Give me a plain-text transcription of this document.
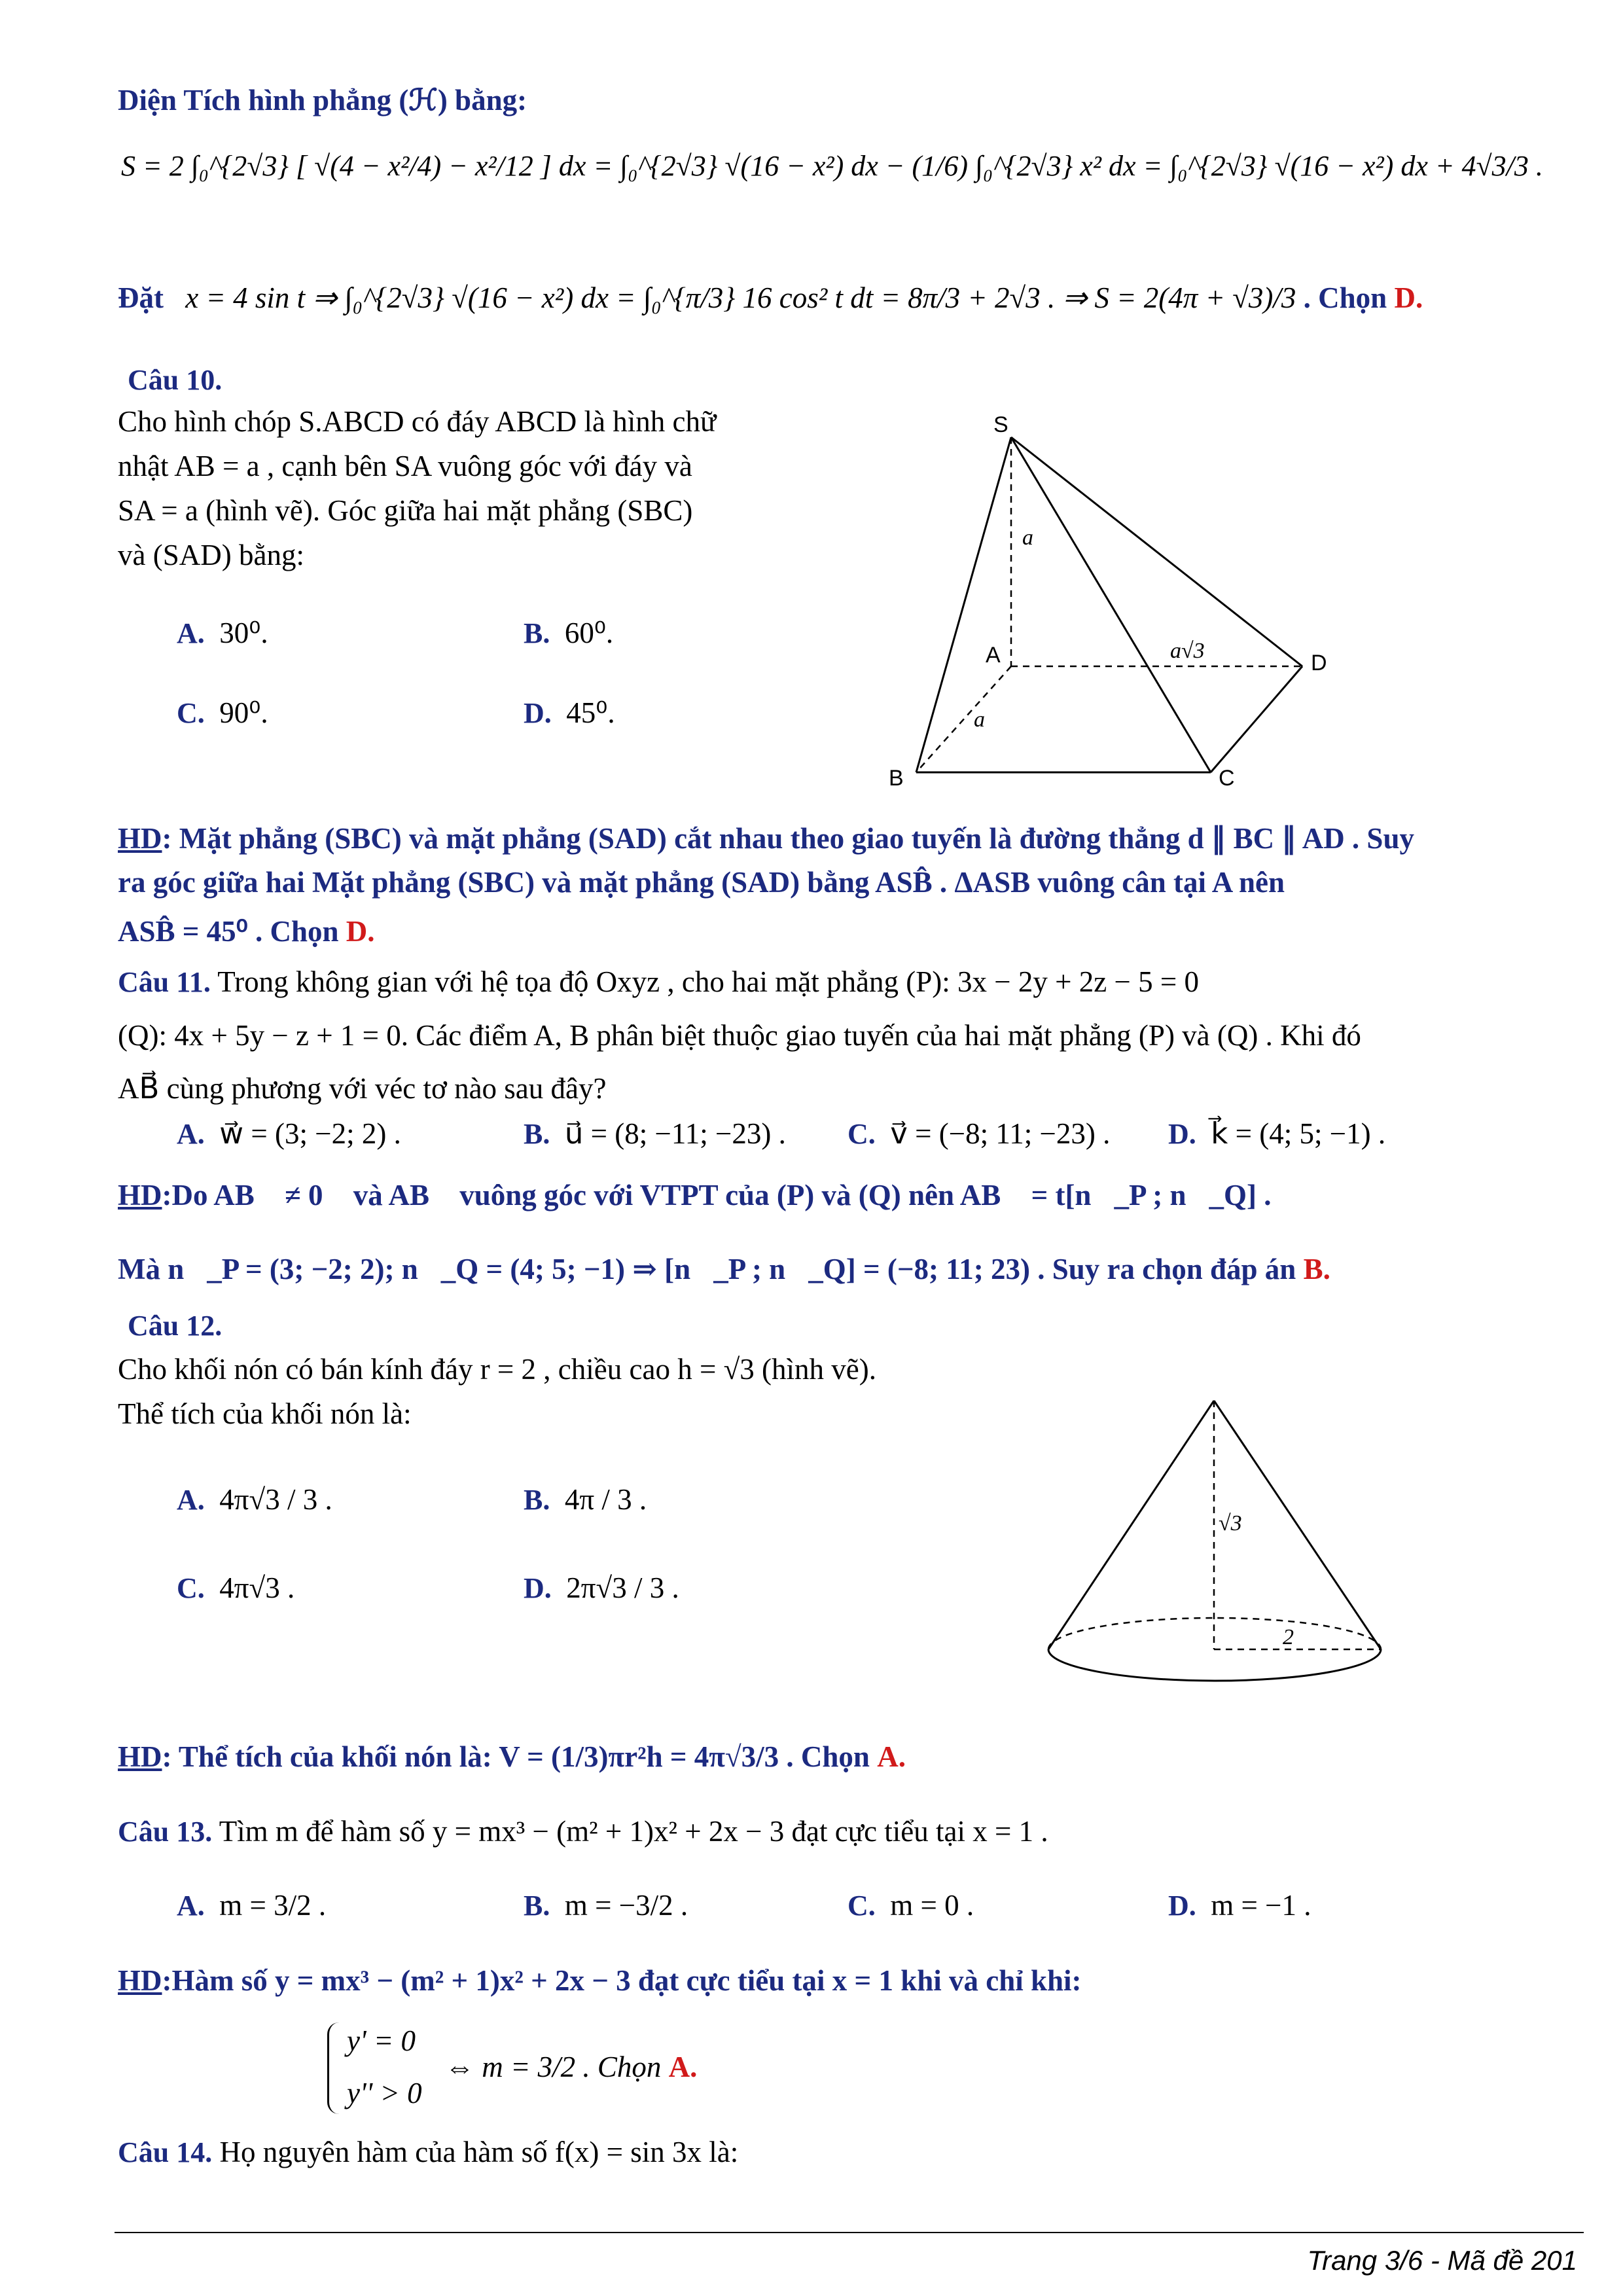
Diện Tích hình phẳng (ℋ) bằng:
S = 2 ∫₀^{2√3} [ √(4 − x²/4) − x²/12 ] dx = ∫₀^{2√3} √(16 − x²) dx − (1/6) ∫₀^{2√3} x² dx = ∫₀^{2√3} √(16 − x²) dx + 4√3/3 .
Đặt x = 4 sin t ⇒ ∫₀^{2√3} √(16 − x²) dx = ∫₀^{π/3} 16 cos² t dt = 8π/3 + 2√3 . ⇒ S = 2(4π + √3)/3 . Chọn D.
Câu 10.
Cho hình chóp S.ABCD có đáy ABCD là hình chữ
nhật AB = a , cạnh bên SA vuông góc với đáy và
SA = a (hình vẽ). Góc giữa hai mặt phẳng (SBC)
và (SAD) bằng:
A. 30⁰.	B. 60⁰.
C. 90⁰.	D. 45⁰.
S
A
B	C
D
a
a
a√3
HD: Mặt phẳng (SBC) và mặt phẳng (SAD) cắt nhau theo giao tuyến là đường thẳng d ∥ BC ∥ AD . Suy
ra góc giữa hai Mặt phẳng (SBC) và mặt phẳng (SAD) bằng ASB̂ . ΔASB vuông cân tại A nên
ASB̂ = 45⁰ . Chọn D.
Câu 11. Trong không gian với hệ tọa độ Oxyz , cho hai mặt phẳng (P): 3x − 2y + 2z − 5 = 0
(Q): 4x + 5y − z + 1 = 0. Các điểm A, B phân biệt thuộc giao tuyến của hai mặt phẳng (P) và (Q) . Khi đó
AB⃗ cùng phương với véc tơ nào sau đây?
A. w⃗ = (3; −2; 2) .	B. u⃗ = (8; −11; −23) . C. v⃗ = (−8; 11; −23) . D. k⃗ = (4; 5; −1) .
HD:Do AB⃗ ≠ 0⃗ và AB⃗ vuông góc với VTPT của (P) và (Q) nên AB⃗ = t[n⃗_P ; n⃗_Q] .
Mà n⃗_P = (3; −2; 2); n⃗_Q = (4; 5; −1) ⇒ [n⃗_P ; n⃗_Q] = (−8; 11; 23) . Suy ra chọn đáp án B.
Câu 12.
Cho khối nón có bán kính đáy r = 2 , chiều cao h = √3 (hình vẽ).
Thể tích của khối nón là:
A. 4π√3 / 3 .	B. 4π / 3 .
C. 4π√3 .	D. 2π√3 / 3 .
√3
2
HD: Thể tích của khối nón là: V = (1/3)πr²h = 4π√3/3 . Chọn A.
Câu 13. Tìm m để hàm số y = mx³ − (m² + 1)x² + 2x − 3 đạt cực tiểu tại x = 1 .
A. m = 3/2 .	B. m = −3/2 .	C. m = 0 .	D. m = −1 .
HD:Hàm số y = mx³ − (m² + 1)x² + 2x − 3 đạt cực tiểu tại x = 1 khi và chỉ khi:
y' = 0
y'' > 0
⇔ m = 3/2 . Chọn A.
Câu 14. Họ nguyên hàm của hàm số f(x) = sin 3x là:
Trang 3/6 - Mã đề 201
